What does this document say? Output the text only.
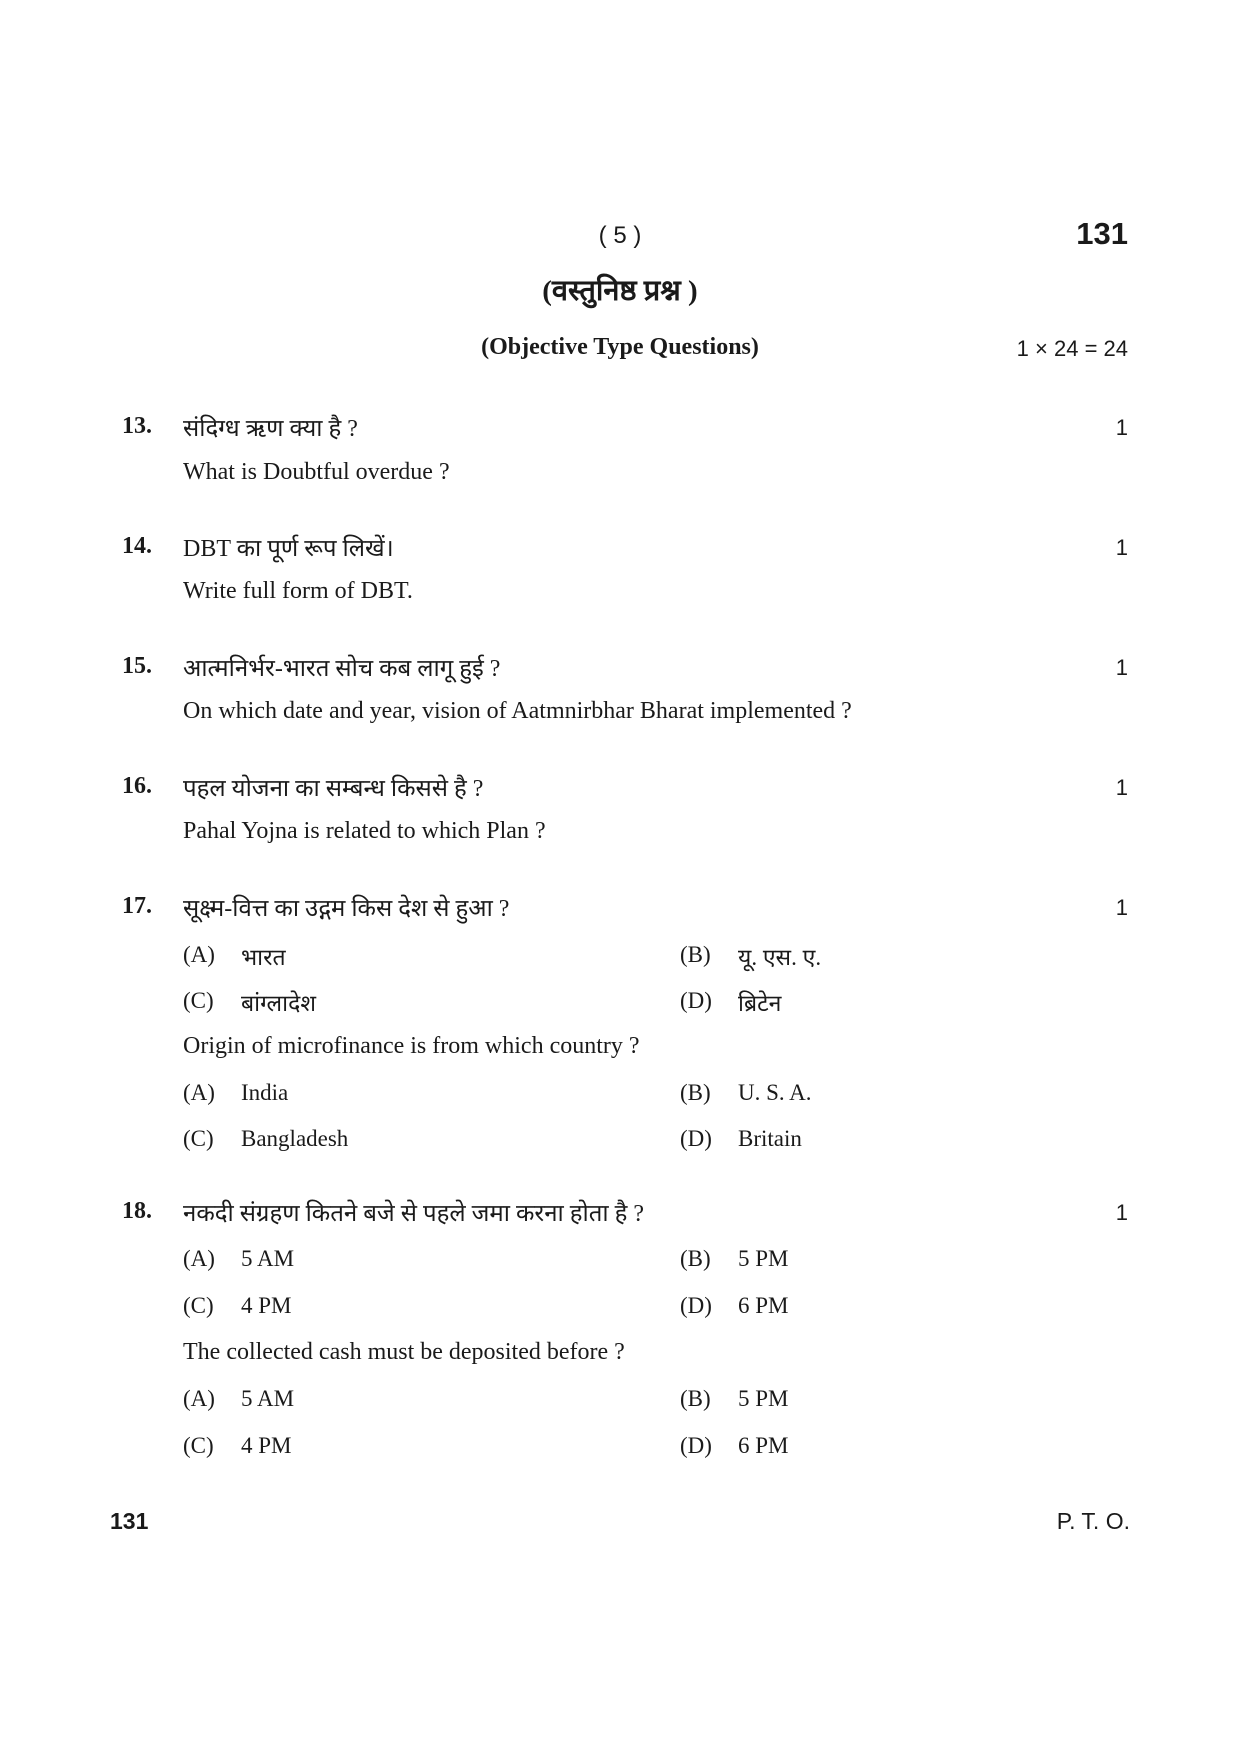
( 5 )	131
(वस्तुनिष्ठ प्रश्न )
(Objective Type Questions)	1 × 24 = 24
13. संदिग्ध ऋण क्या है ?	1
What is Doubtful overdue ?
14. DBT का पूर्ण रूप लिखें।	1
Write full form of DBT.
15. आत्मनिर्भर-भारत सोच कब लागू हुई ?	1
On which date and year, vision of Aatmnirbhar Bharat implemented ?
16. पहल योजना का सम्बन्ध किससे है ?	1
Pahal Yojna is related to which Plan ?
17. सूक्ष्म-वित्त का उद्गम किस देश से हुआ ?	1
(A) भारत	(B) यू. एस. ए.
(C) बांग्लादेश	(D) ब्रिटेन
Origin of microfinance is from which country ?
(A) India	(B) U. S. A.
(C) Bangladesh	(D) Britain
18. नकदी संग्रहण कितने बजे से पहले जमा करना होता है ?	1
(A) 5 AM	(B) 5 PM
(C) 4 PM	(D) 6 PM
The collected cash must be deposited before ?
(A) 5 AM	(B) 5 PM
(C) 4 PM	(D) 6 PM
131	P. T. O.
